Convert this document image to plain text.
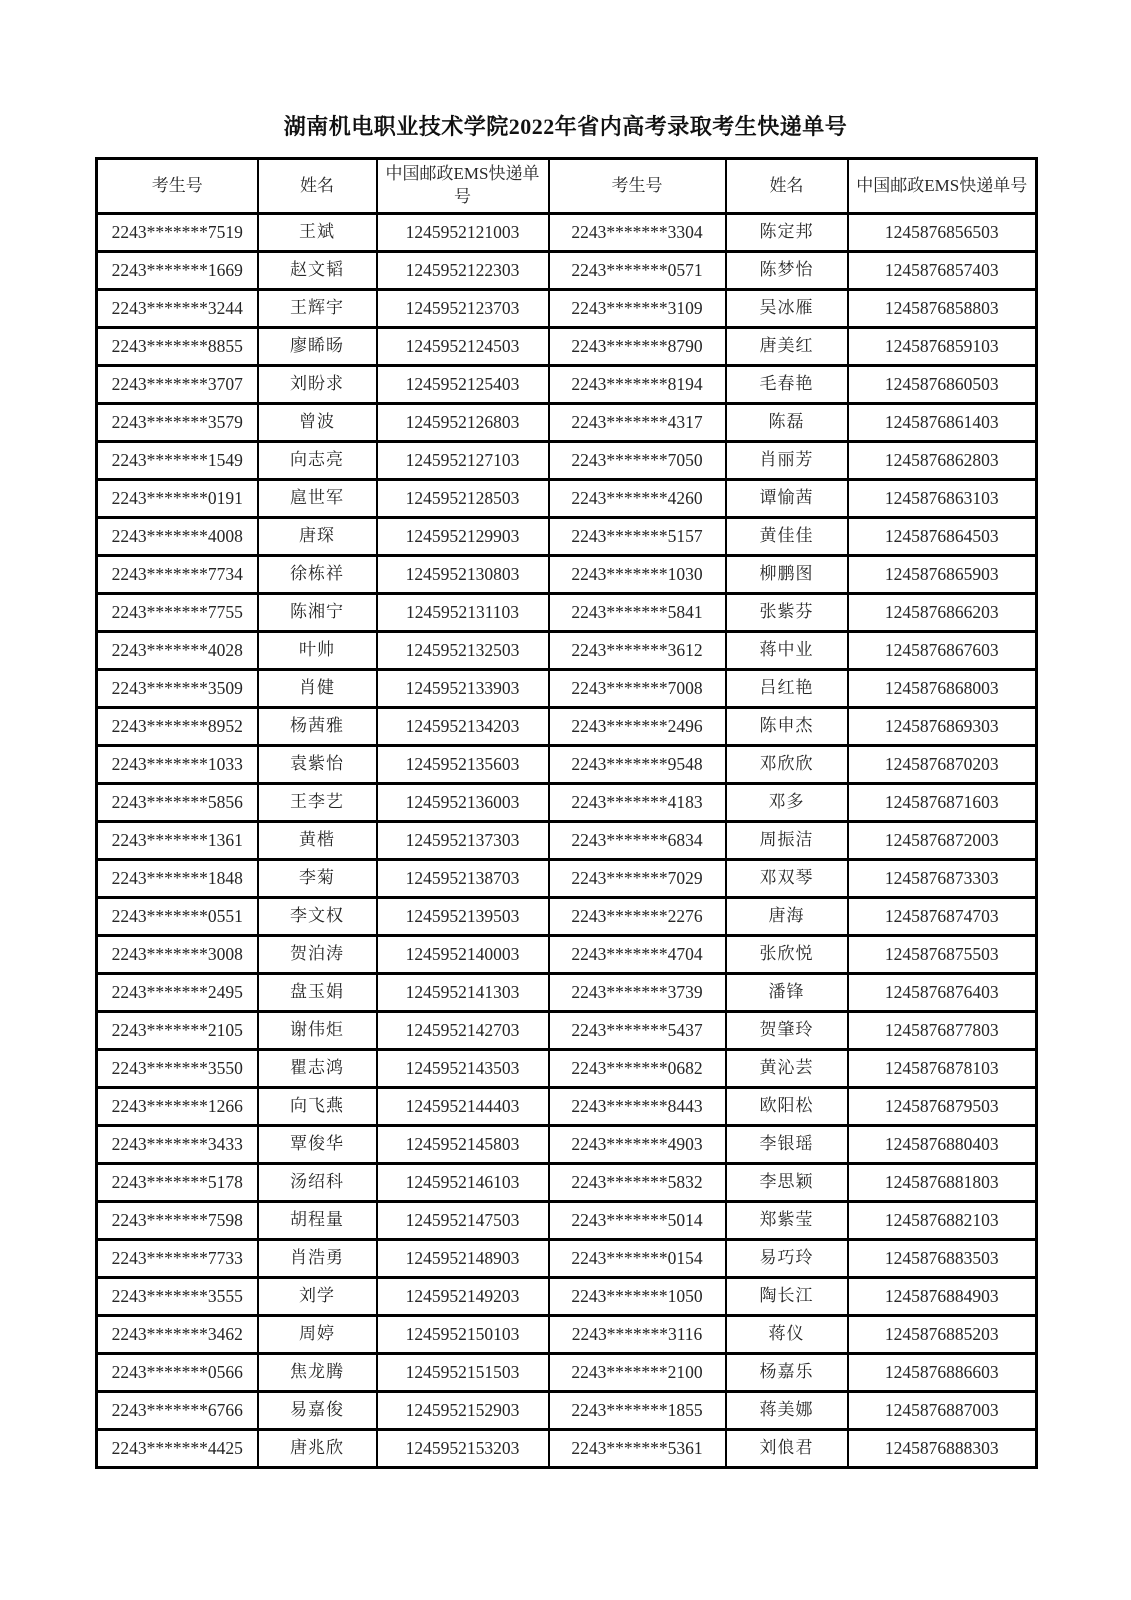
湖南机电职业技术学院2022年省内高考录取考生快递单号
考生号	姓名	中国邮政EMS快递单号	考生号	姓名	中国邮政EMS快递单号
2243*******7519	王斌	1245952121003	2243*******3304	陈定邦	1245876856503
2243*******1669	赵文韬	1245952122303	2243*******0571	陈梦怡	1245876857403
2243*******3244	王辉宇	1245952123703	2243*******3109	吴冰雁	1245876858803
2243*******8855	廖睎旸	1245952124503	2243*******8790	唐美红	1245876859103
2243*******3707	刘盼求	1245952125403	2243*******8194	毛春艳	1245876860503
2243*******3579	曾波	1245952126803	2243*******4317	陈磊	1245876861403
2243*******1549	向志亮	1245952127103	2243*******7050	肖丽芳	1245876862803
2243*******0191	扈世军	1245952128503	2243*******4260	谭愉茜	1245876863103
2243*******4008	唐琛	1245952129903	2243*******5157	黄佳佳	1245876864503
2243*******7734	徐栋祥	1245952130803	2243*******1030	柳鹏图	1245876865903
2243*******7755	陈湘宁	1245952131103	2243*******5841	张紫芬	1245876866203
2243*******4028	叶帅	1245952132503	2243*******3612	蒋中业	1245876867603
2243*******3509	肖健	1245952133903	2243*******7008	吕红艳	1245876868003
2243*******8952	杨茜雅	1245952134203	2243*******2496	陈申杰	1245876869303
2243*******1033	袁紫怡	1245952135603	2243*******9548	邓欣欣	1245876870203
2243*******5856	王李艺	1245952136003	2243*******4183	邓多	1245876871603
2243*******1361	黄楷	1245952137303	2243*******6834	周振洁	1245876872003
2243*******1848	李菊	1245952138703	2243*******7029	邓双琴	1245876873303
2243*******0551	李文权	1245952139503	2243*******2276	唐海	1245876874703
2243*******3008	贺泊涛	1245952140003	2243*******4704	张欣悦	1245876875503
2243*******2495	盘玉娟	1245952141303	2243*******3739	潘锋	1245876876403
2243*******2105	谢伟炬	1245952142703	2243*******5437	贺肇玲	1245876877803
2243*******3550	瞿志鸿	1245952143503	2243*******0682	黄沁芸	1245876878103
2243*******1266	向飞燕	1245952144403	2243*******8443	欧阳松	1245876879503
2243*******3433	覃俊华	1245952145803	2243*******4903	李银瑶	1245876880403
2243*******5178	汤绍科	1245952146103	2243*******5832	李思颖	1245876881803
2243*******7598	胡程量	1245952147503	2243*******5014	郑紫莹	1245876882103
2243*******7733	肖浩勇	1245952148903	2243*******0154	易巧玲	1245876883503
2243*******3555	刘学	1245952149203	2243*******1050	陶长江	1245876884903
2243*******3462	周婷	1245952150103	2243*******3116	蒋仪	1245876885203
2243*******0566	焦龙腾	1245952151503	2243*******2100	杨嘉乐	1245876886603
2243*******6766	易嘉俊	1245952152903	2243*******1855	蒋美娜	1245876887003
2243*******4425	唐兆欣	1245952153203	2243*******5361	刘俍君	1245876888303
